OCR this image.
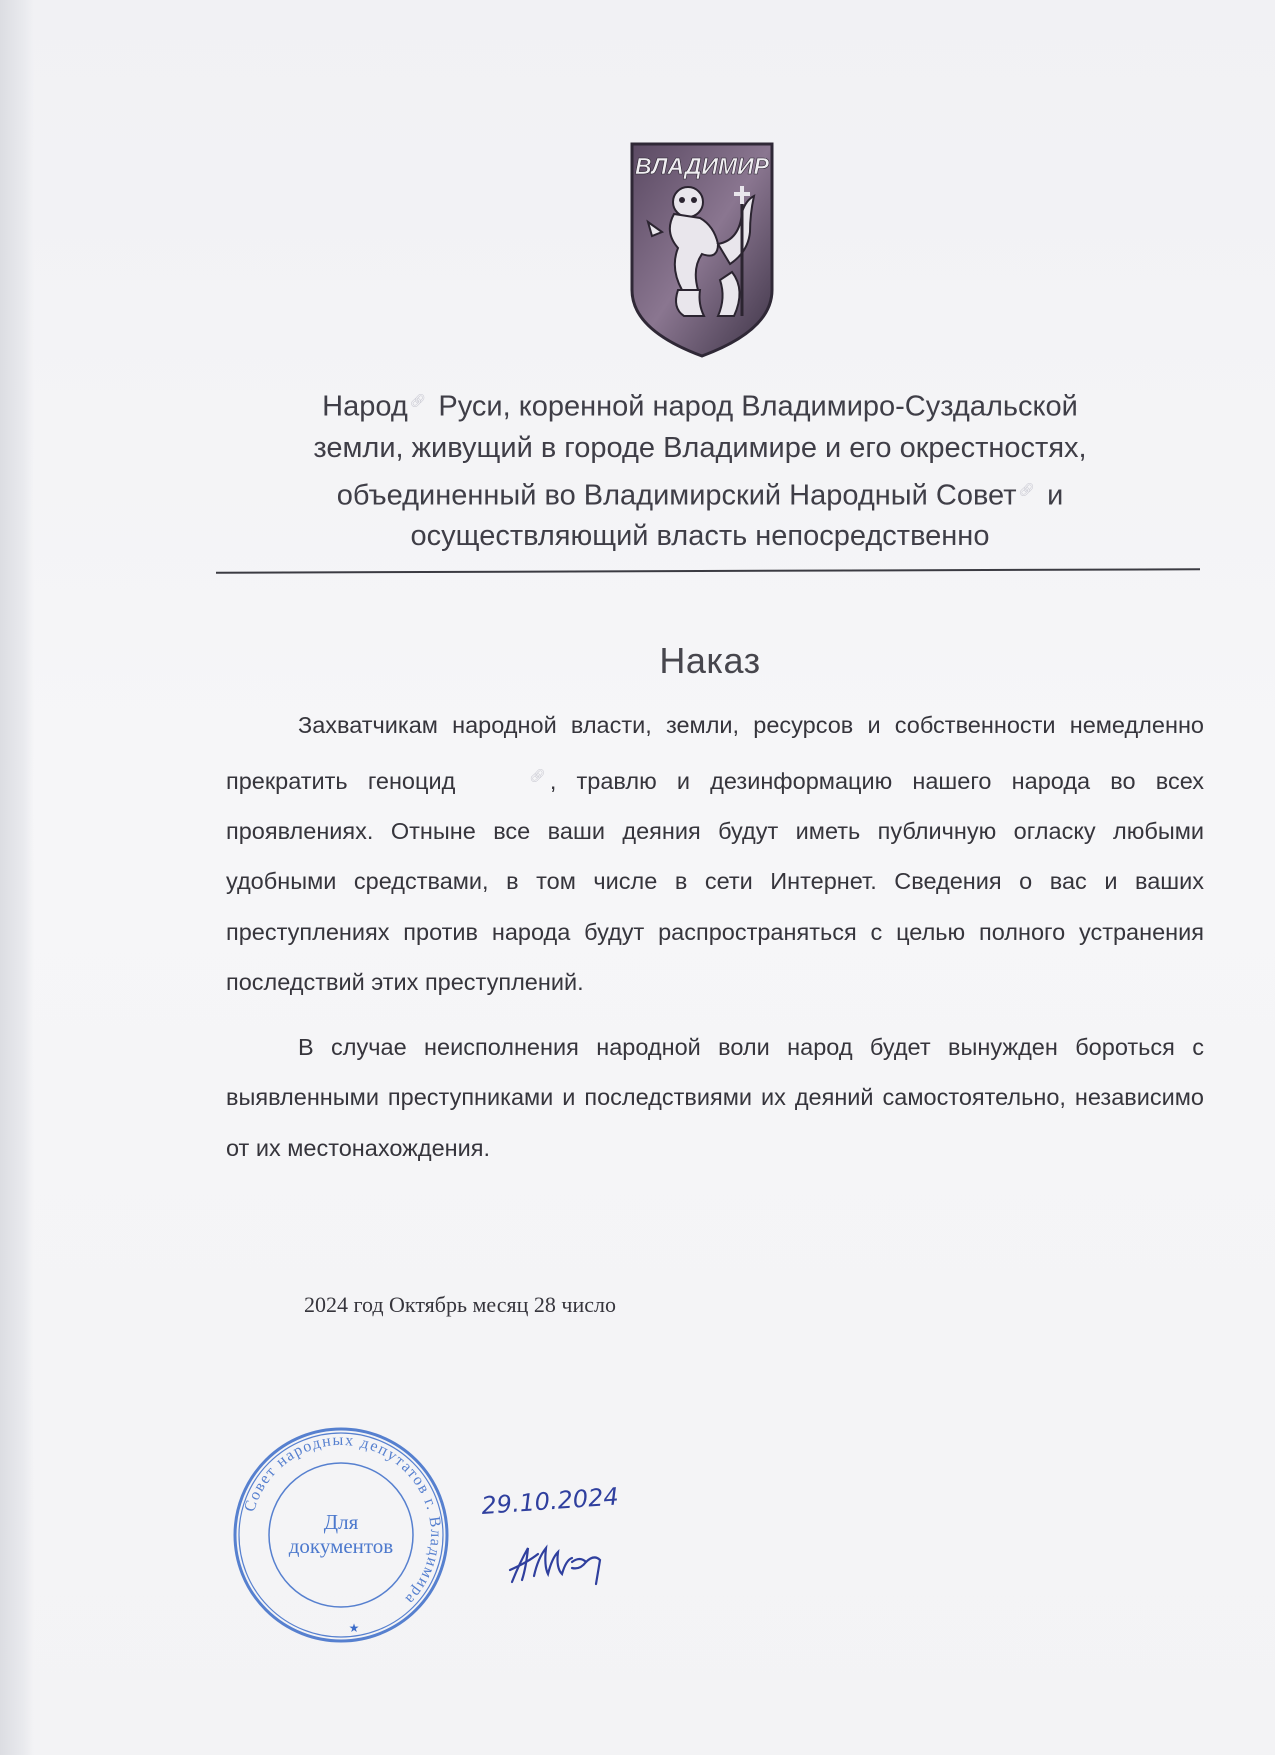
ВЛАДИМИР

Народ 🔗︎ Руси, коренной народ Владимиро-Суздальской

земли, живущий в городе Владимире и его окрестностях,

объединенный во Владимирский Народный Совет 🔗︎ и

осуществляющий власть непосредственно

Наказ

Захватчикам народной власти, земли, ресурсов и собственности немедленно прекратить геноцид	🔗︎ , травлю и дезинформацию нашего народа во всех проявлениях. Отныне все ваши деяния будут иметь публичную огласку любыми удобными средствами, в том числе в сети Интернет. Сведения о вас и ваших преступлениях против народа будут распространяться с целью полного устранения последствий этих преступлений.

В случае неисполнения народной воли народ будет вынужден бороться с выявленными преступниками и последствиями их деяний самостоятельно, независимо от их местонахождения.

2024 год Октябрь месяц 28 число
Совет народных депутатов г. Владимира
Для
документов
★
29.10.2024
